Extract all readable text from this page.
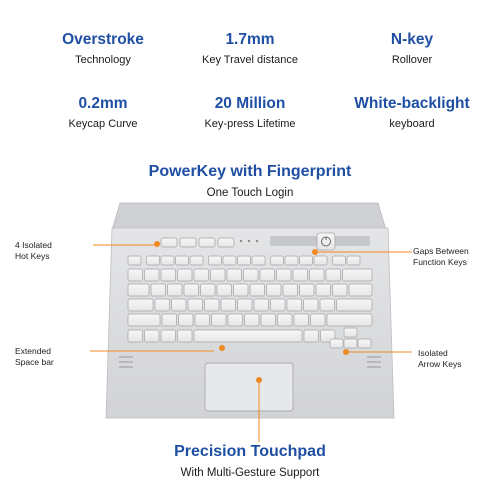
Overstroke
Technology
1.7mm
Key Travel distance
N-key
Rollover
0.2mm
Keycap Curve
20 Million
Key-press Lifetime
White-backlight
keyboard
PowerKey with Fingerprint
One Touch Login
4 Isolated
Hot Keys	Gaps Between
Function Keys
Extended
Space bar
Isolated
Arrow Keys
Precision Touchpad
With Multi-Gesture Support
